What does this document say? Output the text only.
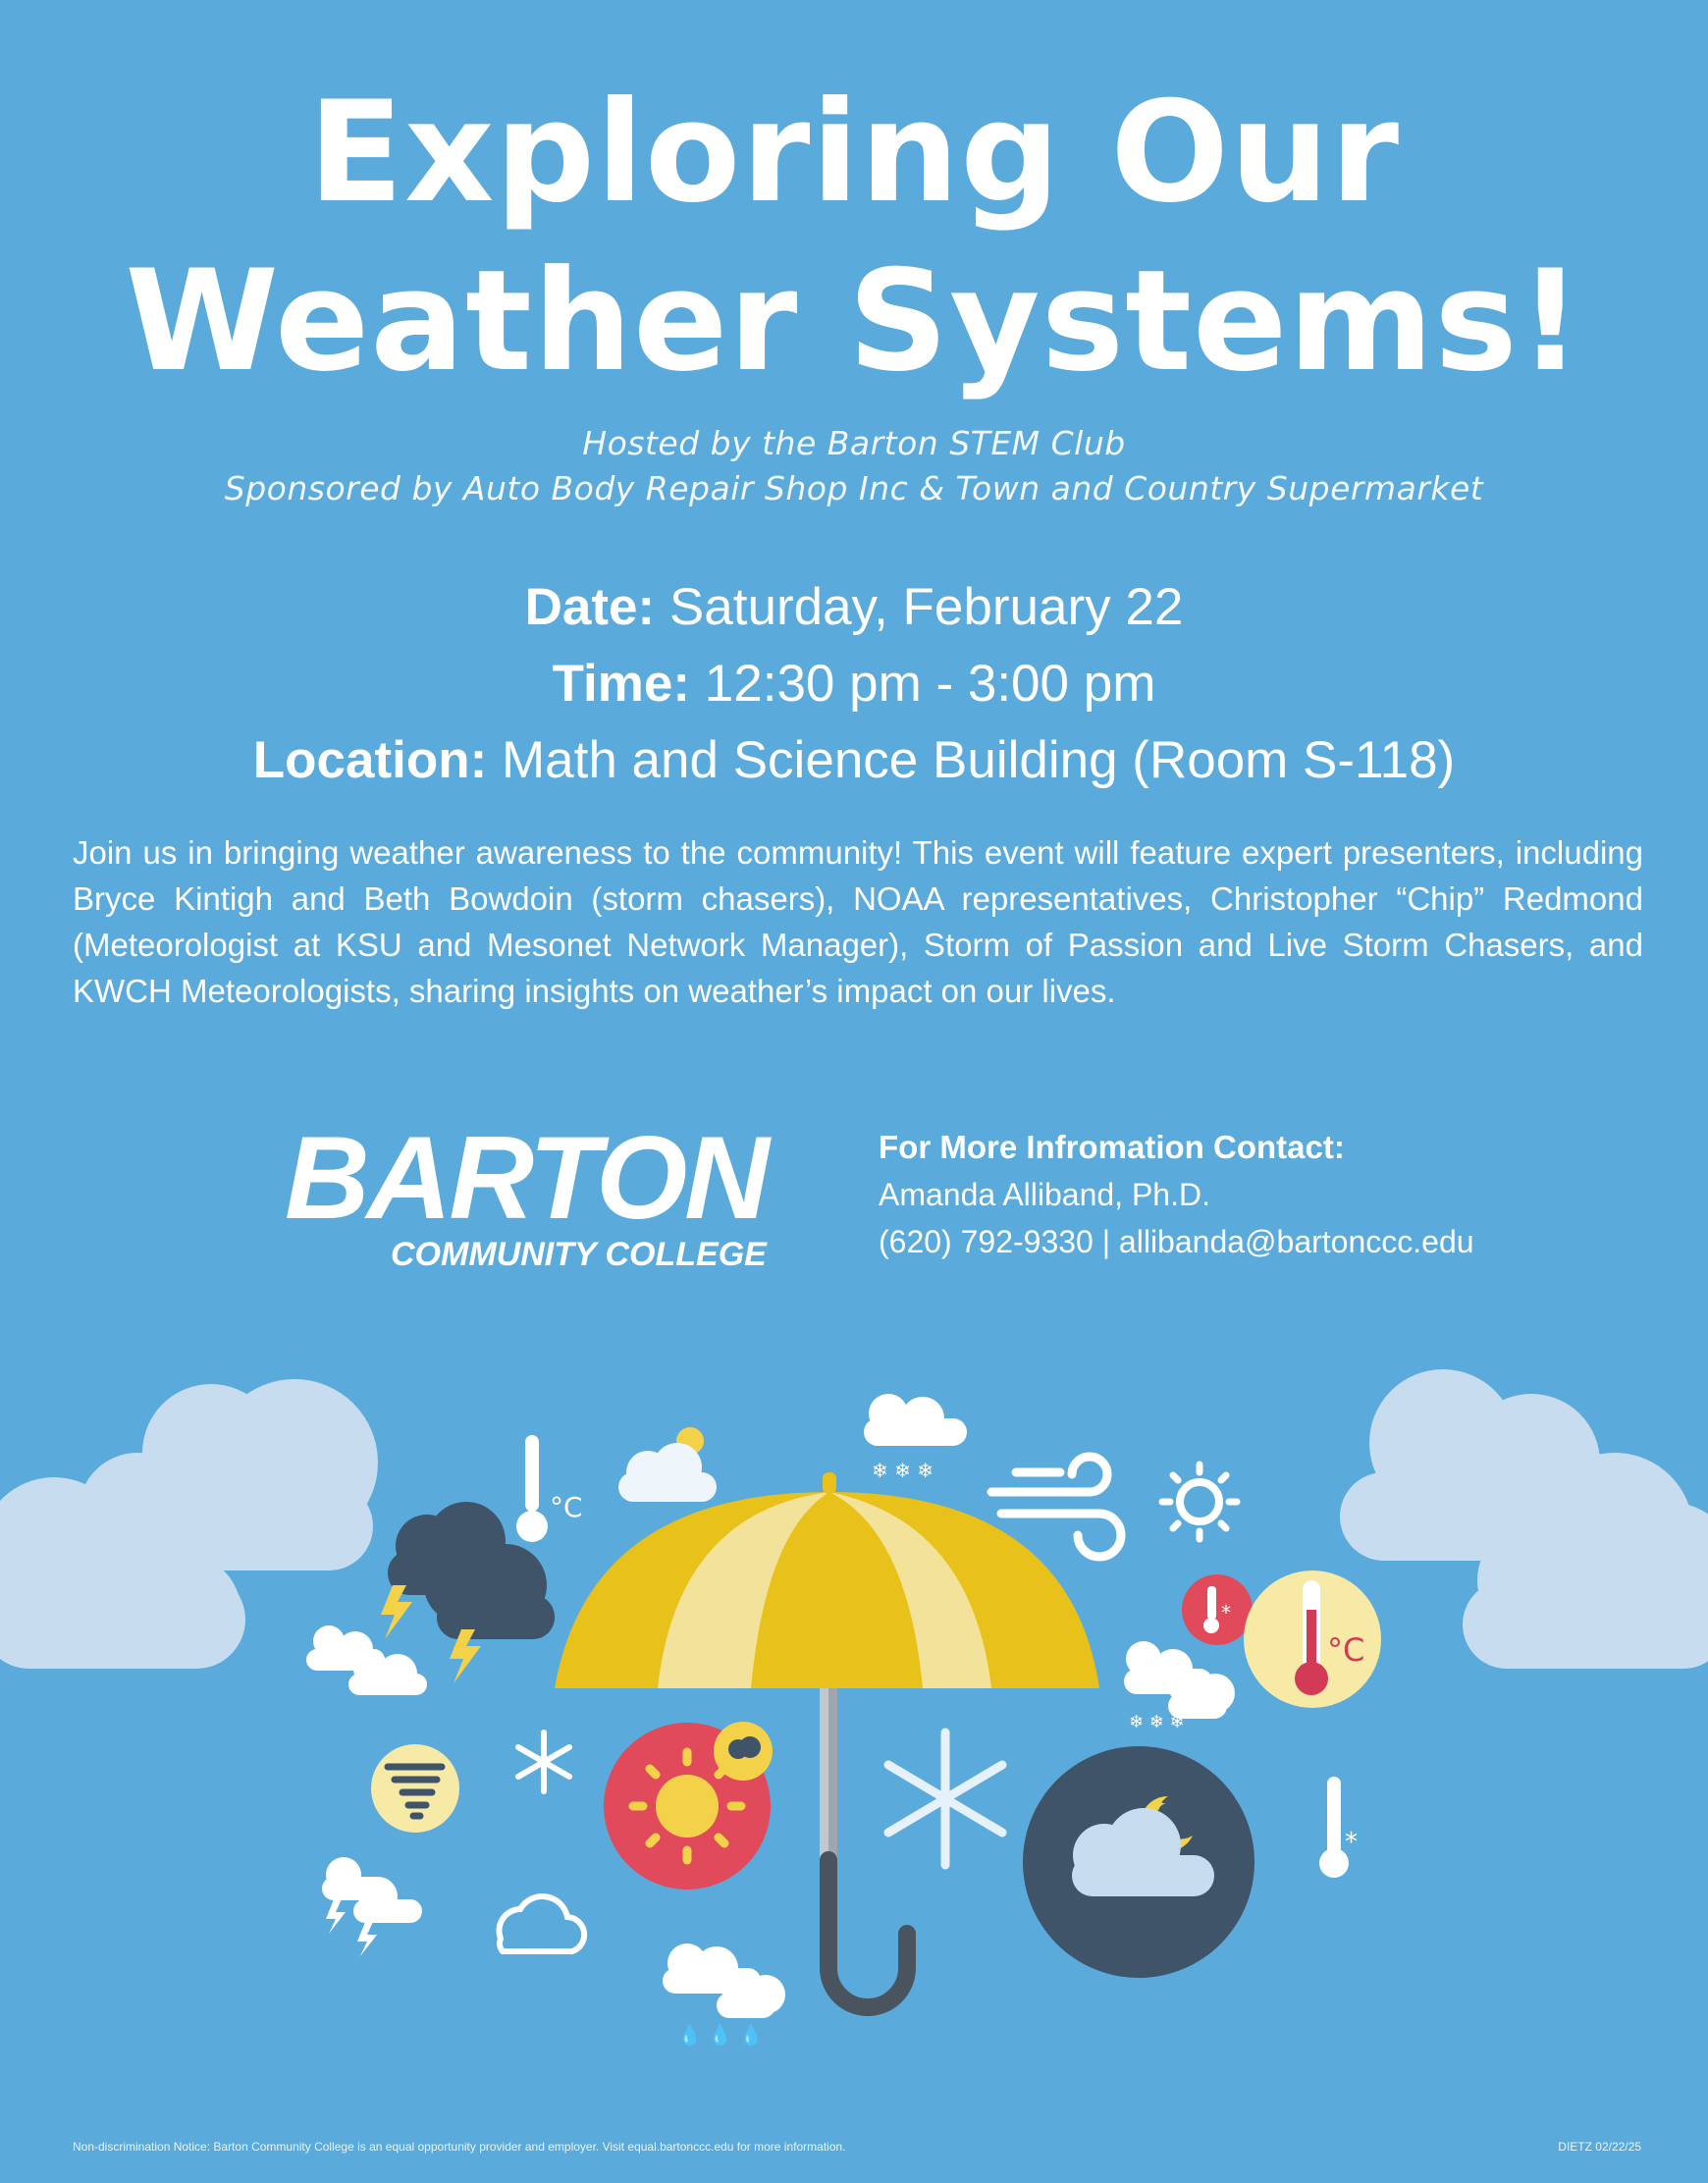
Exploring Our
Weather Systems!
Hosted by the Barton STEM Club
Sponsored by Auto Body Repair Shop Inc & Town and Country Supermarket
Date: Saturday, February 22
Time: 12:30 pm - 3:00 pm
Location: Math and Science Building (Room S-118)
Join us in bringing weather awareness to the community! This event will feature expert presenters, including Bryce Kintigh and Beth Bowdoin (storm chasers), NOAA representatives, Christopher “Chip” Redmond (Meteorologist at KSU and Mesonet Network Manager), Storm of Passion and Live Storm Chasers, and KWCH Meteorologists, sharing insights on weather’s impact on our lives.
BARTON
COMMUNITY COLLEGE
For More Infromation Contact:
Amanda Alliband, Ph.D.
(620) 792-9330 | allibanda@bartonccc.edu
°C
❄ ❄ ❄
*
°C
❄ ❄ ❄
✦
*
💧 💧 💧
Non-discrimination Notice: Barton Community College is an equal opportunity provider and employer. Visit equal.bartonccc.edu for more information.	DIETZ 02/22/25
